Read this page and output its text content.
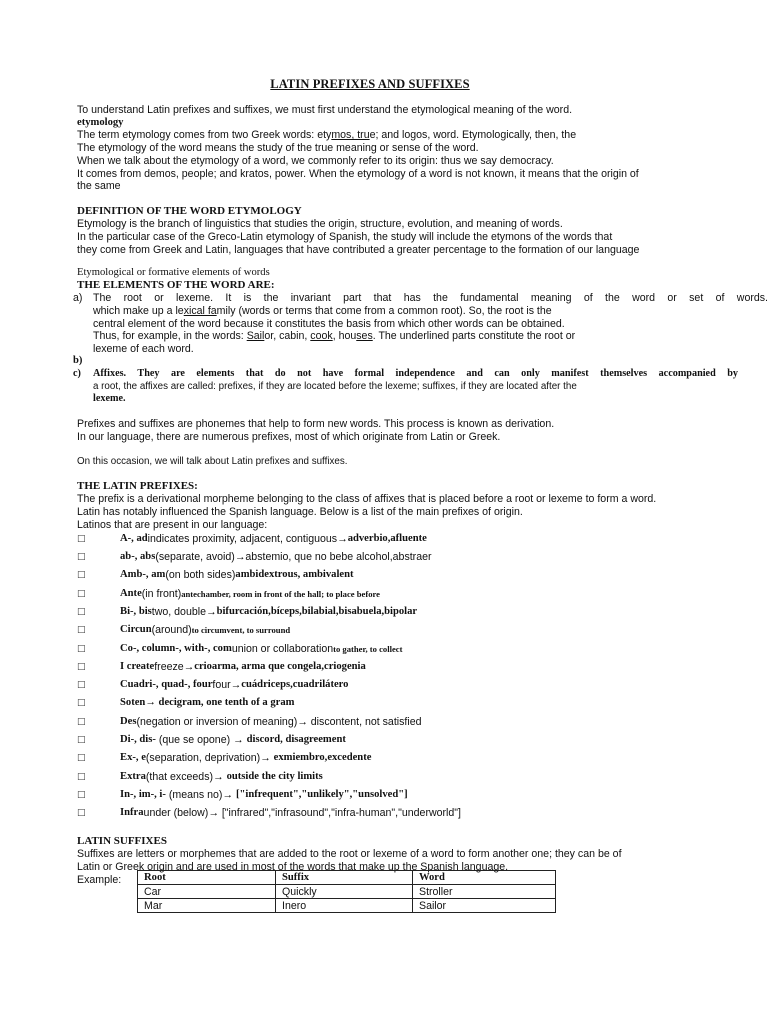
LATIN PREFIXES AND SUFFIXES
To understand Latin prefixes and suffixes, we must first understand the etymological meaning of the word.
etymology
The term etymology comes from two Greek words: etymos, true; and logos, word. Etymologically, then, the
The etymology of the word means the study of the true meaning or sense of the word.
When we talk about the etymology of a word, we commonly refer to its origin: thus we say democracy.
It comes from demos, people; and kratos, power. When the etymology of a word is not known, it means that the origin of
the same
DEFINITION OF THE WORD ETYMOLOGY
Etymology is the branch of linguistics that studies the origin, structure, evolution, and meaning of words.
In the particular case of the Greco-Latin etymology of Spanish, the study will include the etymons of the words that
they come from Greek and Latin, languages that have contributed a greater percentage to the formation of our language
Etymological or formative elements of words
THE ELEMENTS OF THE WORD ARE:
a) The root or lexeme. It is the invariant part that has the fundamental meaning of the word or set of words.
which make up a lexical family (words or terms that come from a common root). So, the root is the
central element of the word because it constitutes the basis from which other words can be obtained.
Thus, for example, in the words: Sailor, cabin, cook, houses. The underlined parts constitute the root or
lexeme of each word.
b)
c)	Affixes. They are elements that do not have formal independence and can only manifest themselves accompanied by
a root, the affixes are called: prefixes, if they are located before the lexeme; suffixes, if they are located after the
lexeme.
Prefixes and suffixes are phonemes that help to form new words. This process is known as derivation.
In our language, there are numerous prefixes, most of which originate from Latin or Greek.
On this occasion, we will talk about Latin prefixes and suffixes.
THE LATIN PREFIXES:
The prefix is a derivational morpheme belonging to the class of affixes that is placed before a root or lexeme to form a word.
Latin has notably influenced the Spanish language. Below is a list of the main prefixes of origin.
Latinos that are present in our language:
□	A-, ad indicates proximity, adjacent, contiguous→ adverbio,afluente
□	ab-, abs (separate, avoid)→abstemio, que no bebe alcohol,abstraer
□	Amb-, am (on both sides) ambidextrous, ambivalent
□	Ante (in front) antechamber, room in front of the hall; to place before
□	Bi-, bis two, double→ bifurcación,bíceps,bilabial,bisabuela,bipolar
□	Circun (around) to circumvent, to surround
□	Co-, column-, with-, com union or collaboration to gather, to collect
□	I create freeze→ crioarma, arma que congela,criogenia
□	Cuadri-, quad-, four four→ cuádriceps,cuadrilátero
□	Soten→ decigram, one tenth of a gram
□	Des (negation or inversion of meaning)→ discontent, not satisfied
□	Di-, dis- (que se opone) → discord, disagreement
□	Ex-, e (separation, deprivation)→ exmiembro,excedente
□	Extra (that exceeds)→ outside the city limits
□	In-, im-, i- (means no)→ ["infrequent","unlikely","unsolved"]
□	Infra under (below)→ ["infrared","infrasound","infra-human","underworld"]
LATIN SUFFIXES
Suffixes are letters or morphemes that are added to the root or lexeme of a word to form another one; they can be of
Latin or Greek origin and are used in most of the words that make up the Spanish language.
Example:	Root	Suffix	Word
Car	Quickly	Stroller
Mar	Inero	Sailor
